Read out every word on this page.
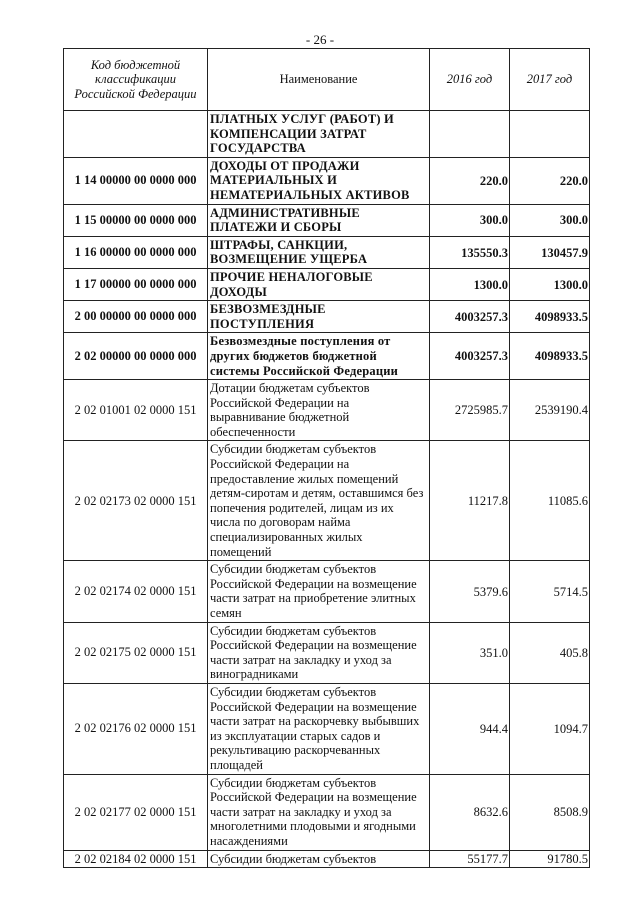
- 26 -
Код бюджетной классификации Российской Федерации	Наименование	2016 год	2017 год
	ПЛАТНЫХ УСЛУГ (РАБОТ) И КОМПЕНСАЦИИ ЗАТРАТ ГОСУДАРСТВА		
1 14 00000 00 0000 000	ДОХОДЫ ОТ ПРОДАЖИ МАТЕРИАЛЬНЫХ И НЕМАТЕРИАЛЬНЫХ АКТИВОВ	220.0	220.0
1 15 00000 00 0000 000	АДМИНИСТРАТИВНЫЕ ПЛАТЕЖИ И СБОРЫ	300.0	300.0
1 16 00000 00 0000 000	ШТРАФЫ, САНКЦИИ, ВОЗМЕЩЕНИЕ УЩЕРБА	135550.3	130457.9
1 17 00000 00 0000 000	ПРОЧИЕ НЕНАЛОГОВЫЕ ДОХОДЫ	1300.0	1300.0
2 00 00000 00 0000 000	БЕЗВОЗМЕЗДНЫЕ ПОСТУПЛЕНИЯ	4003257.3	4098933.5
2 02 00000 00 0000 000	Безвозмездные поступления от других бюджетов бюджетной системы Российской Федерации	4003257.3	4098933.5
2 02 01001 02 0000 151	Дотации бюджетам субъектов Российской Федерации на выравнивание бюджетной обеспеченности	2725985.7	2539190.4
2 02 02173 02 0000 151	Субсидии бюджетам субъектов Российской Федерации на предоставление жилых помещений детям-сиротам и детям, оставшимся без попечения родителей, лицам из их числа по договорам найма специализированных жилых помещений	11217.8	11085.6
2 02 02174 02 0000 151	Субсидии бюджетам субъектов Российской Федерации на возмещение части затрат на приобретение элитных семян	5379.6	5714.5
2 02 02175 02 0000 151	Субсидии бюджетам субъектов Российской Федерации на возмещение части затрат на закладку и уход за виноградниками	351.0	405.8
2 02 02176 02 0000 151	Субсидии бюджетам субъектов Российской Федерации на возмещение части затрат на раскорчевку выбывших из эксплуатации старых садов и рекультивацию раскорчеванных площадей	944.4	1094.7
2 02 02177 02 0000 151	Субсидии бюджетам субъектов Российской Федерации на возмещение части затрат на закладку и уход за многолетними плодовыми и ягодными насаждениями	8632.6	8508.9
2 02 02184 02 0000 151	Субсидии бюджетам субъектов	55177.7	91780.5
